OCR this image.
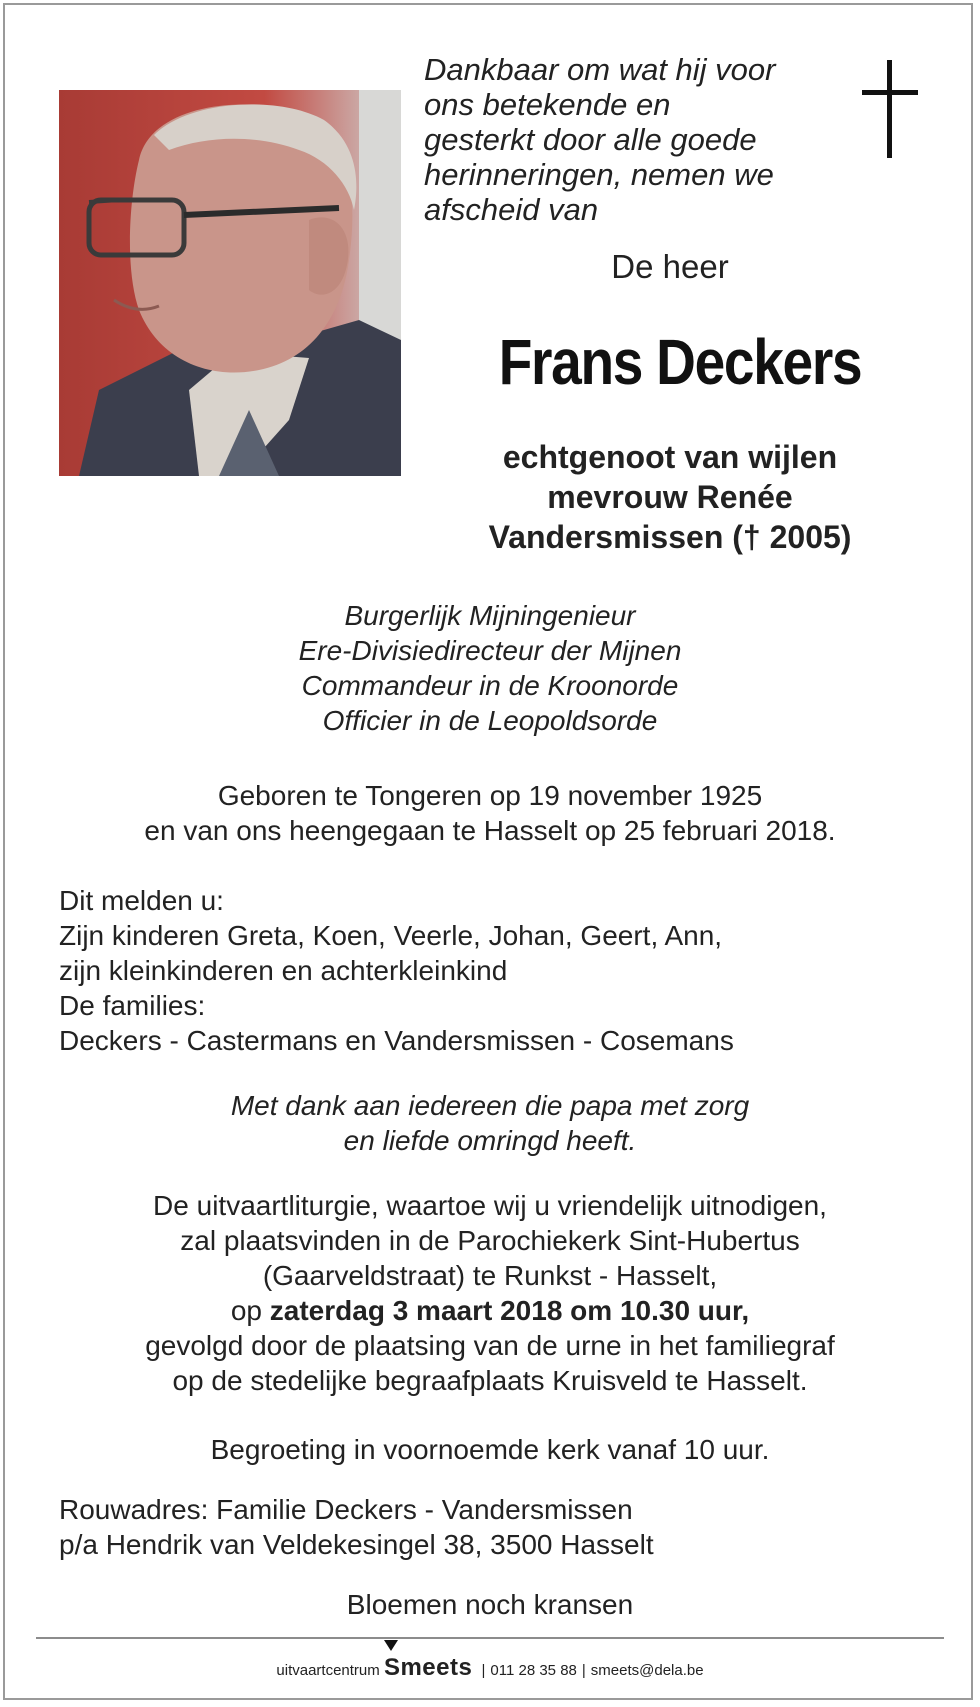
Dankbaar om wat hij voor
ons betekende en
gesterkt door alle goede
herinneringen, nemen we
afscheid van
De heer
Frans Deckers
echtgenoot van wijlen
mevrouw Renée
Vandersmissen († 2005)
Burgerlijk Mijningenieur
Ere-Divisiedirecteur der Mijnen
Commandeur in de Kroonorde
Officier in de Leopoldsorde
Geboren te Tongeren op 19 november 1925
en van ons heengegaan te Hasselt op 25 februari 2018.
Dit melden u:
Zijn kinderen Greta, Koen, Veerle, Johan, Geert, Ann,
zijn kleinkinderen en achterkleinkind
De families:
Deckers - Castermans en Vandersmissen - Cosemans
Met dank aan iedereen die papa met zorg
en liefde omringd heeft.
De uitvaartliturgie, waartoe wij u vriendelijk uitnodigen,
zal plaatsvinden in de Parochiekerk Sint-Hubertus
(Gaarveldstraat) te Runkst - Hasselt,
op zaterdag 3 maart 2018 om 10.30 uur,
gevolgd door de plaatsing van de urne in het familiegraf
op de stedelijke begraafplaats Kruisveld te Hasselt.
Begroeting in voornoemde kerk vanaf 10 uur.
Rouwadres: Familie Deckers - Vandersmissen
p/a Hendrik van Veldekesingel 38, 3500 Hasselt
Bloemen noch kransen
uitvaartcentrum Smeets | 011 28 35 88 | smeets@dela.be
